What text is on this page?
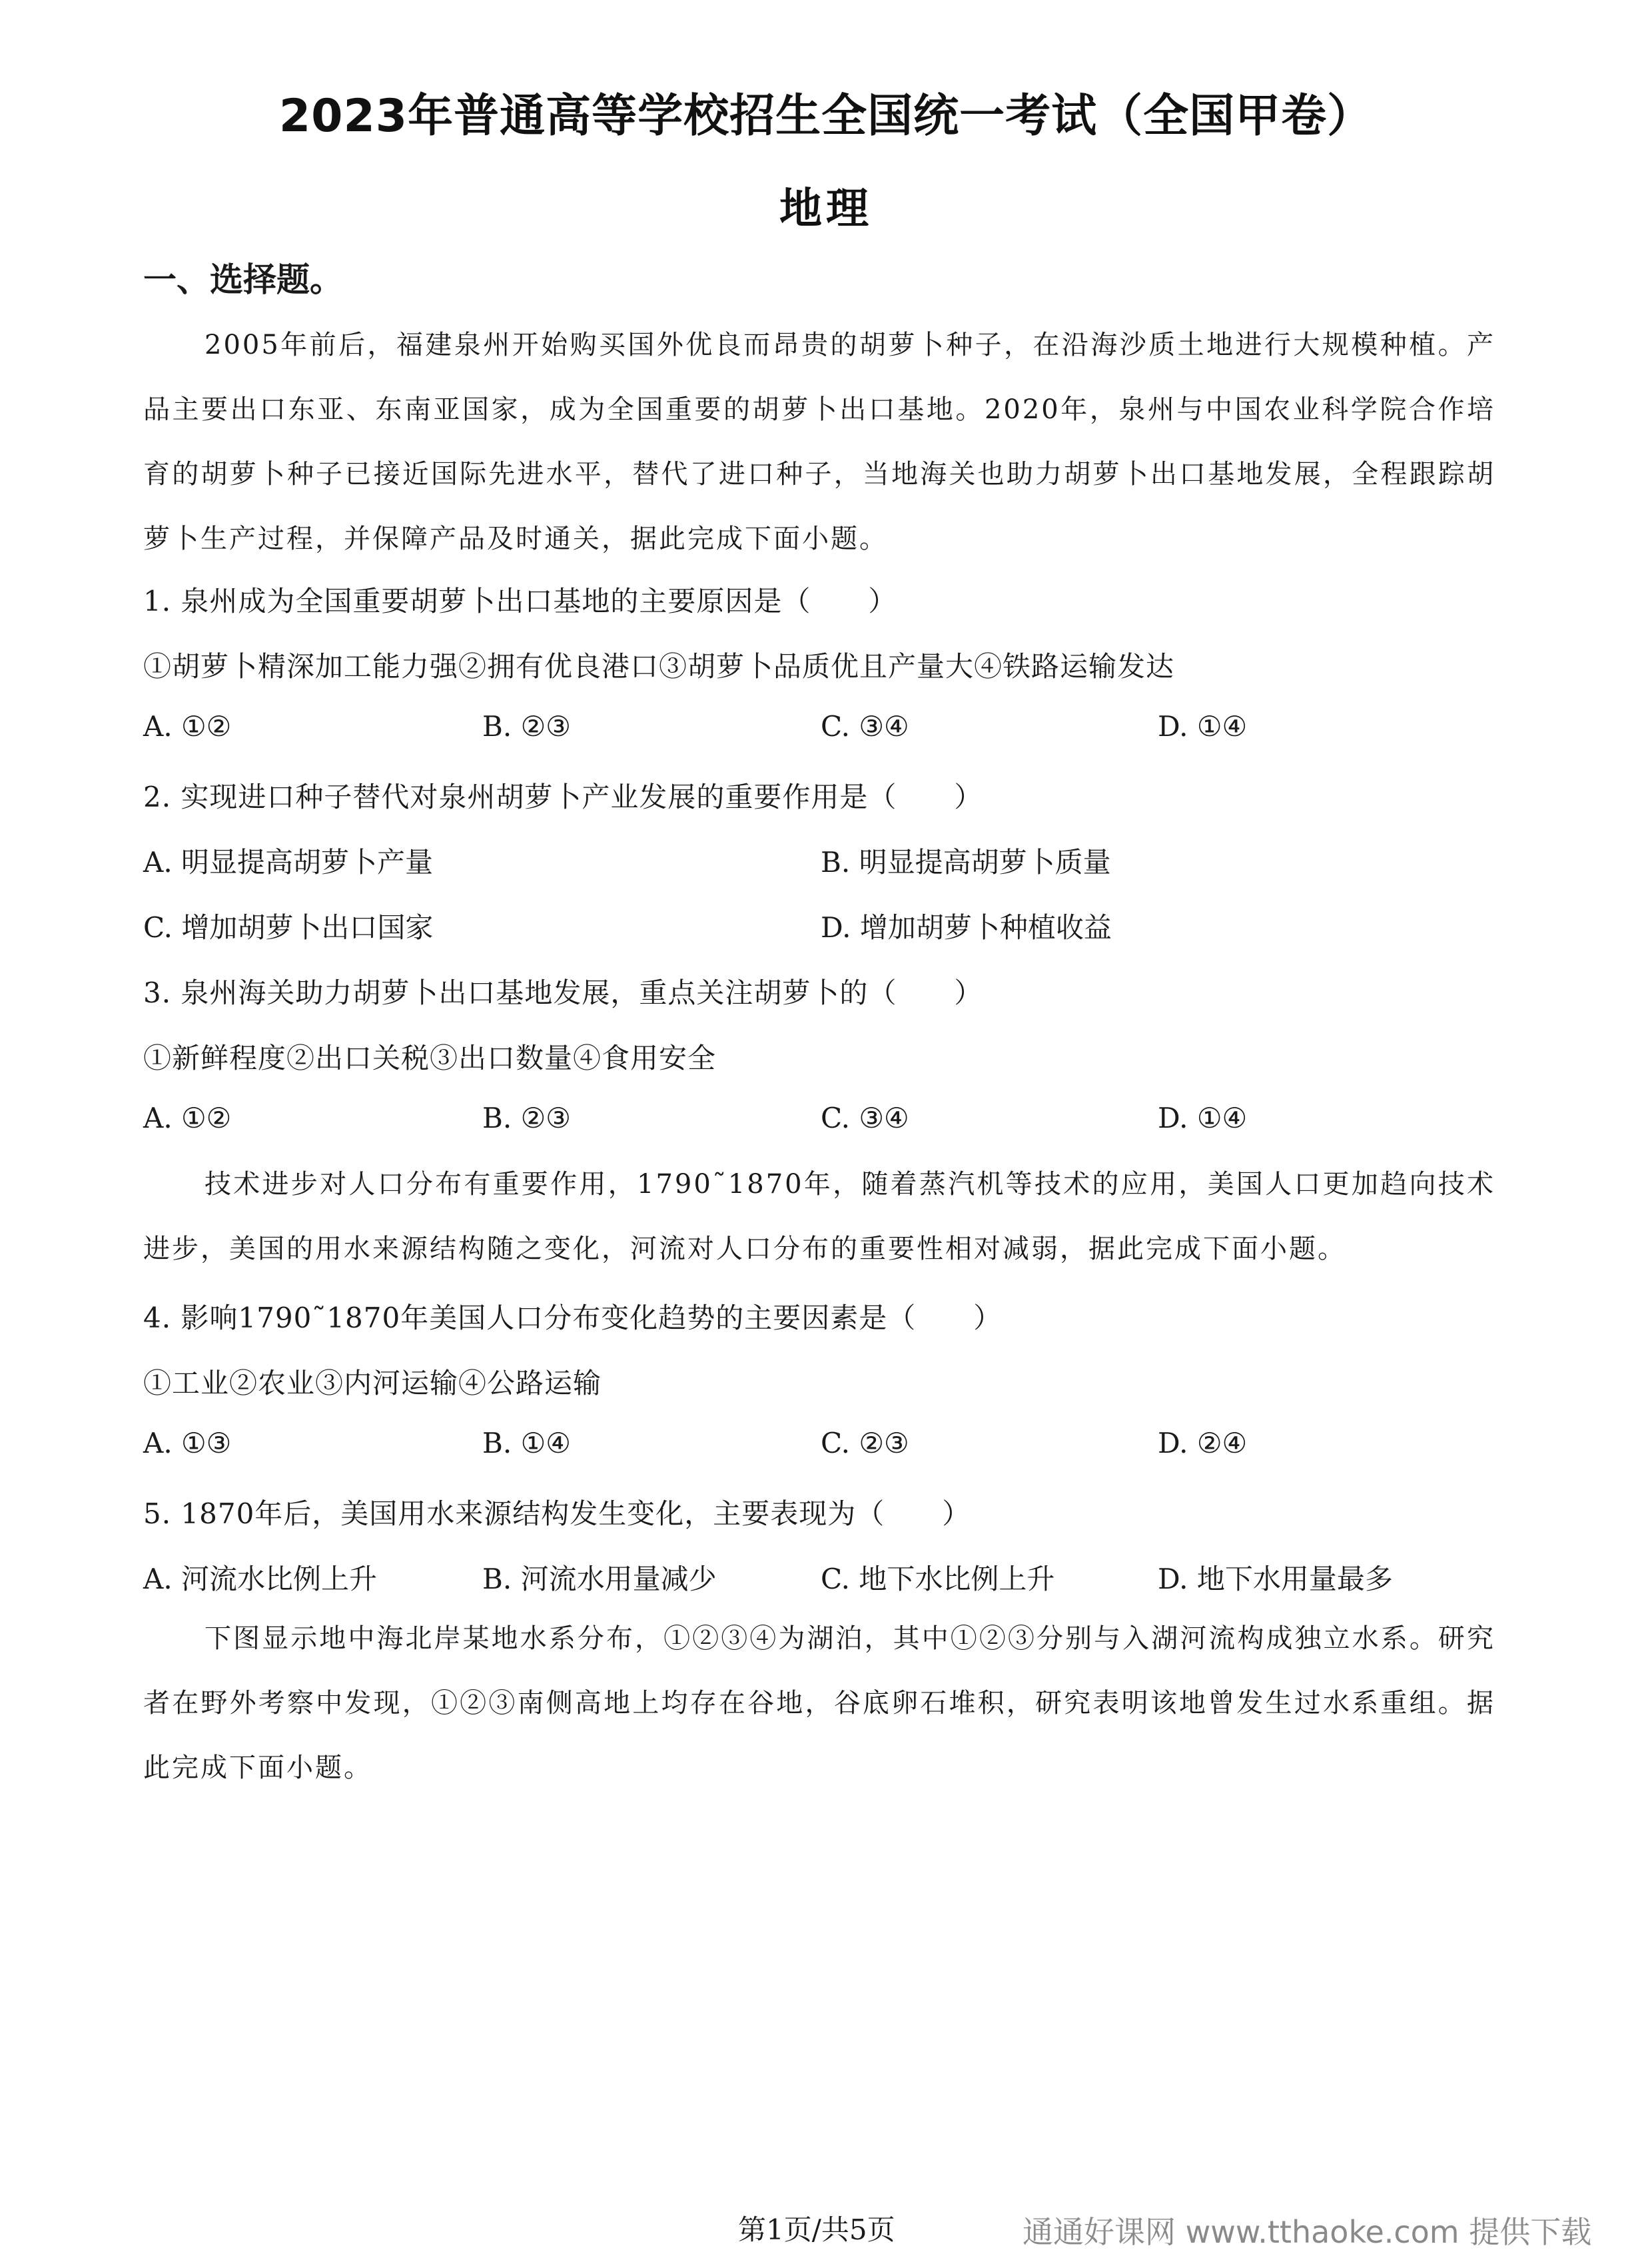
2023年普通高等学校招生全国统一考试（全国甲卷）
地理
一、选择题。
2005年前后，福建泉州开始购买国外优良而昂贵的胡萝卜种子，在沿海沙质土地进行大规模种植。产品主要出口东亚、东南亚国家，成为全国重要的胡萝卜出口基地。2020年，泉州与中国农业科学院合作培育的胡萝卜种子已接近国际先进水平，替代了进口种子，当地海关也助力胡萝卜出口基地发展，全程跟踪胡萝卜生产过程，并保障产品及时通关，据此完成下面小题。
1. 泉州成为全国重要胡萝卜出口基地的主要原因是（　　）
①胡萝卜精深加工能力强②拥有优良港口③胡萝卜品质优且产量大④铁路运输发达
A. ①②	B. ②③	C. ③④	D. ①④
2. 实现进口种子替代对泉州胡萝卜产业发展的重要作用是（　　）
A. 明显提高胡萝卜产量	B. 明显提高胡萝卜质量
C. 增加胡萝卜出口国家	D. 增加胡萝卜种植收益
3. 泉州海关助力胡萝卜出口基地发展，重点关注胡萝卜的（　　）
①新鲜程度②出口关税③出口数量④食用安全
A. ①②	B. ②③	C. ③④	D. ①④
技术进步对人口分布有重要作用，1790˜1870年，随着蒸汽机等技术的应用，美国人口更加趋向技术进步，美国的用水来源结构随之变化，河流对人口分布的重要性相对减弱，据此完成下面小题。
4. 影响1790˜1870年美国人口分布变化趋势的主要因素是（　　）
①工业②农业③内河运输④公路运输
A. ①③	B. ①④	C. ②③	D. ②④
5. 1870年后，美国用水来源结构发生变化，主要表现为（　　）
A. 河流水比例上升	B. 河流水用量减少	C. 地下水比例上升	D. 地下水用量最多
下图显示地中海北岸某地水系分布，①②③④为湖泊，其中①②③分别与入湖河流构成独立水系。研究者在野外考察中发现，①②③南侧高地上均存在谷地，谷底卵石堆积，研究表明该地曾发生过水系重组。据此完成下面小题。
第1页/共5页	通通好课网 www.tthaoke.com 提供下载
